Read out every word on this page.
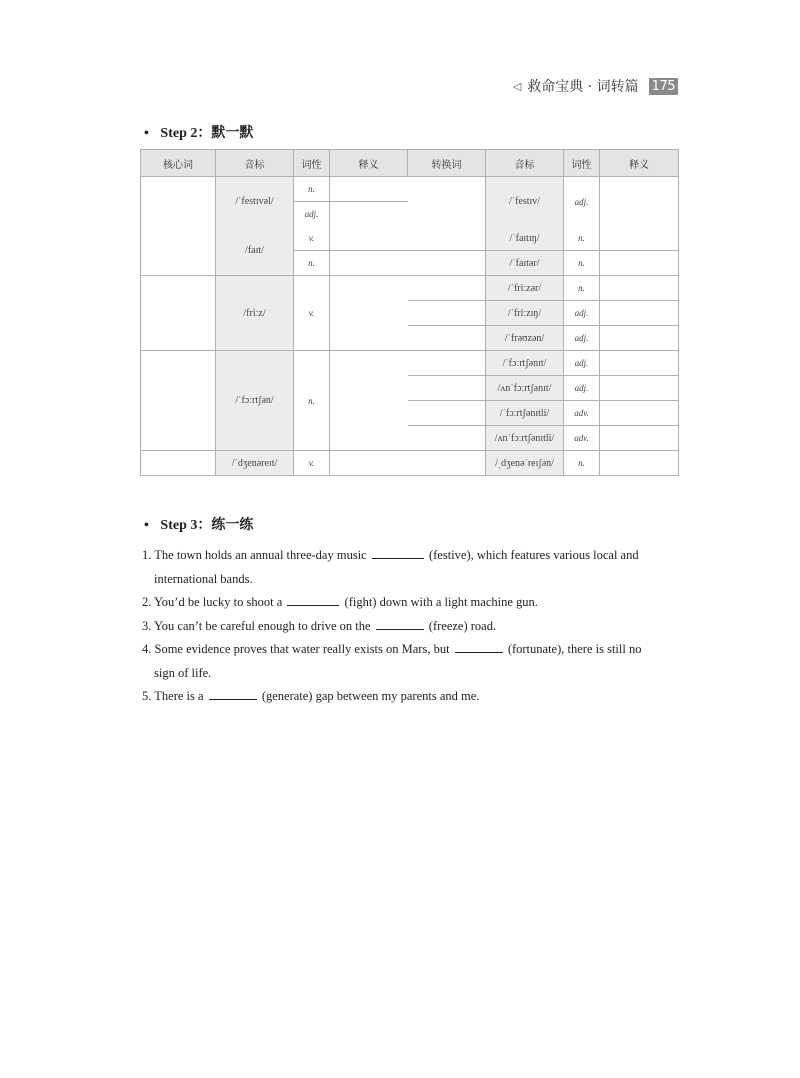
◁ 救命宝典 · 词转篇 175
• Step 2：默一默
核心词	音标	词性	释义	转换词	音标	词性	释义
	/ˈfestɪvəl/	n.			/ˈfestɪv/	adj.	
		adj.					
	/faɪt/	v.			/ˈfaɪtɪŋ/	n.	
		n.			/ˈfaɪtər/	n.	
	/friːz/	v.			/ˈfriːzər/	n.	
					/ˈfriːzɪŋ/	adj.	
					/ˈfrəʊzən/	adj.	
	/ˈfɔːrtʃən/	n.			/ˈfɔːrtʃənɪt/	adj.	
					/ʌnˈfɔːrtʃənɪt/	adj.	
					/ˈfɔːrtʃənɪtli/	adv.	
					/ʌnˈfɔːrtʃənɪtli/	adv.	
	/ˈdʒenəreɪt/	v.			/ˌdʒenəˈreɪʃən/	n.	
• Step 3：练一练

1. The town holds an annual three-day music	(festive), which features various local and

international bands.

2. You’d be lucky to shoot a	(fight) down with a light machine gun.

3. You can’t be careful enough to drive on the	(freeze) road.

4. Some evidence proves that water really exists on Mars, but	(fortunate), there is still no

sign of life.

5. There is a	(generate) gap between my parents and me.
